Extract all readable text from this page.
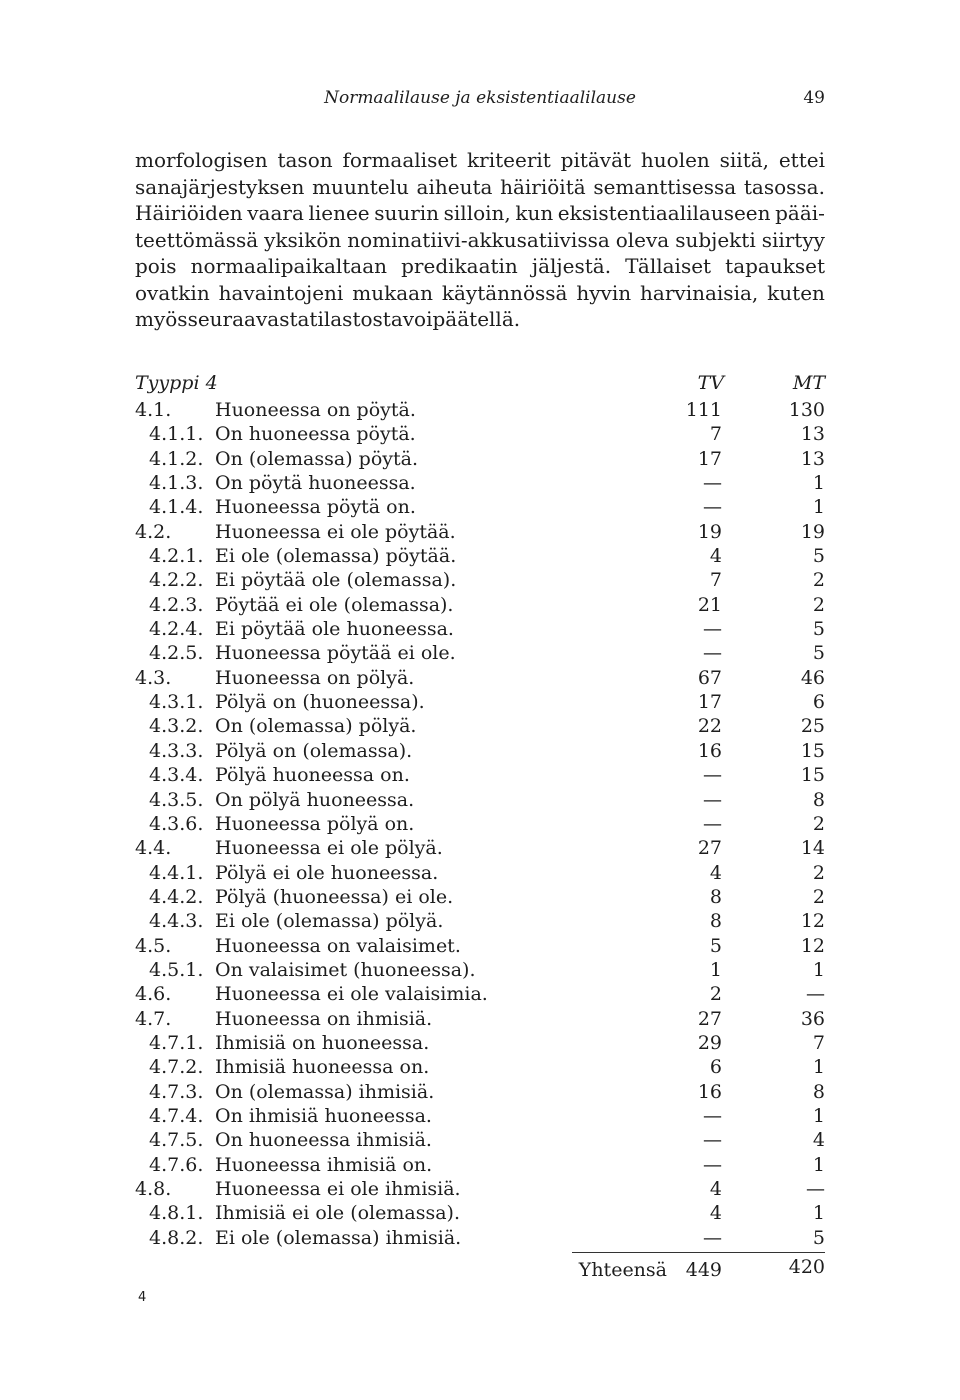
Normaalilause ja eksistentiaalilause	49
morfologisen tason formaaliset kriteerit pitävät huolen siitä, ettei
sanajärjestyksen muuntelu aiheuta häiriöitä semanttisessa tasossa.
Häiriöiden vaara lienee suurin silloin, kun eksistentiaalilauseen pääi-
teettömässä yksikön nominatiivi-akkusatiivissa oleva subjekti siirtyy
pois normaalipaikaltaan predikaatin jäljestä. Tällaiset tapaukset
ovatkin havaintojeni mukaan käytännössä hyvin harvinaisia, kuten
myös seuraavasta tilastosta voi päätellä.
Tyyppi 4	TV	MT
4.1. Huoneessa on pöytä.	111	130
4.1.1. On huoneessa pöytä.	7	13
4.1.2. On (olemassa) pöytä.	17	13
4.1.3. On pöytä huoneessa.	—	1
4.1.4. Huoneessa pöytä on.	—	1
4.2. Huoneessa ei ole pöytää.	19	19
4.2.1. Ei ole (olemassa) pöytää.	4	5
4.2.2. Ei pöytää ole (olemassa).	7	2
4.2.3. Pöytää ei ole (olemassa).	21	2
4.2.4. Ei pöytää ole huoneessa.	—	5
4.2.5. Huoneessa pöytää ei ole.	—	5
4.3. Huoneessa on pölyä.	67	46
4.3.1. Pölyä on (huoneessa).	17	6
4.3.2. On (olemassa) pölyä.	22	25
4.3.3. Pölyä on (olemassa).	16	15
4.3.4. Pölyä huoneessa on.	—	15
4.3.5. On pölyä huoneessa.	—	8
4.3.6. Huoneessa pölyä on.	—	2
4.4. Huoneessa ei ole pölyä.	27	14
4.4.1. Pölyä ei ole huoneessa.	4	2
4.4.2. Pölyä (huoneessa) ei ole.	8	2
4.4.3. Ei ole (olemassa) pölyä.	8	12
4.5. Huoneessa on valaisimet.	5	12
4.5.1. On valaisimet (huoneessa).	1	1
4.6. Huoneessa ei ole valaisimia.	2	—
4.7. Huoneessa on ihmisiä.	27	36
4.7.1. Ihmisiä on huoneessa.	29	7
4.7.2. Ihmisiä huoneessa on.	6	1
4.7.3. On (olemassa) ihmisiä.	16	8
4.7.4. On ihmisiä huoneessa.	—	1
4.7.5. On huoneessa ihmisiä.	—	4
4.7.6. Huoneessa ihmisiä on.	—	1
4.8. Huoneessa ei ole ihmisiä.	4	—
4.8.1. Ihmisiä ei ole (olemassa).	4	1
4.8.2. Ei ole (olemassa) ihmisiä.	—	5
Yhteensä 449	420
4
